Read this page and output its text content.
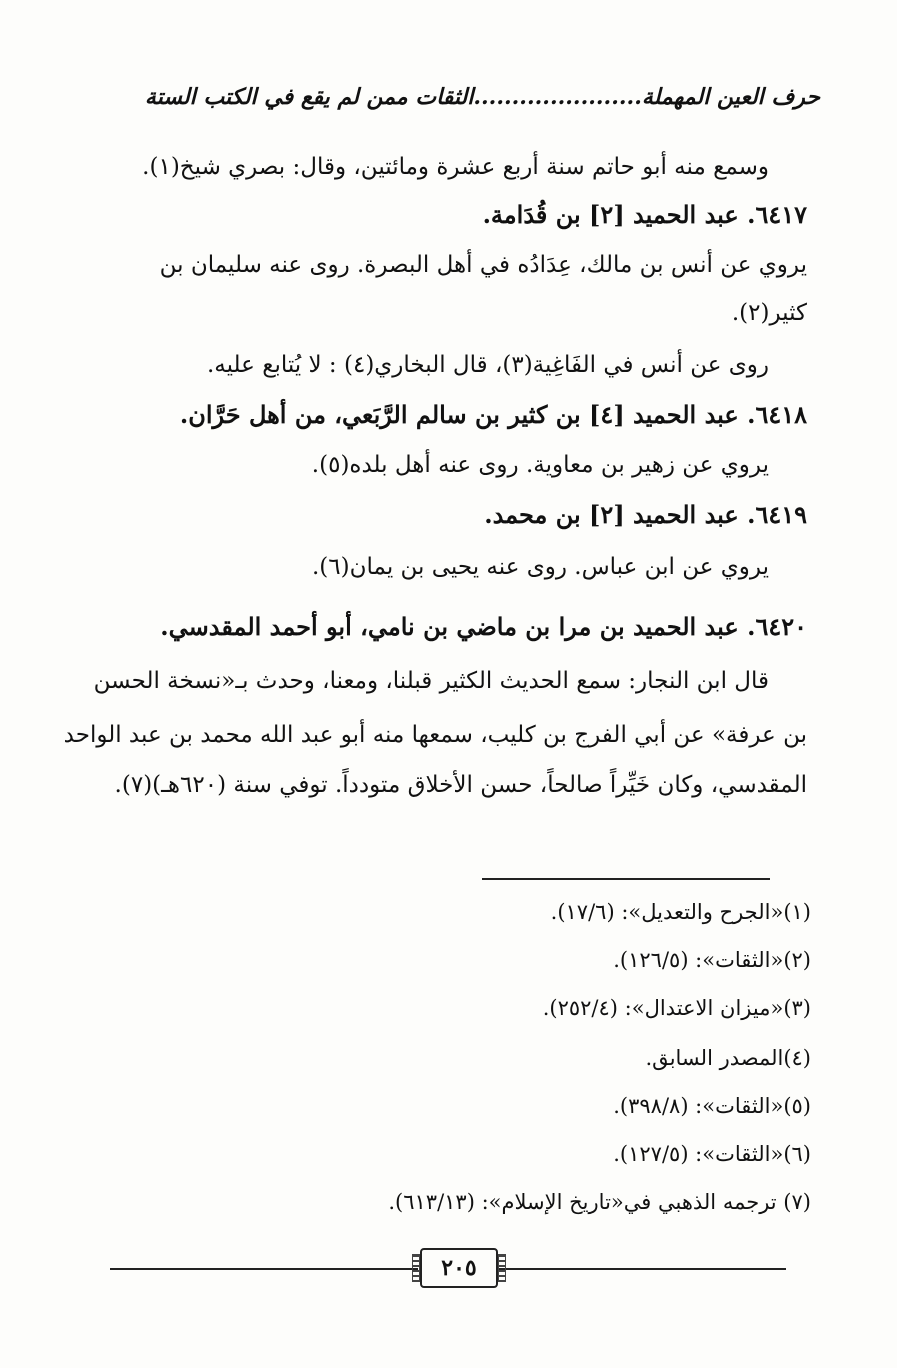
حرف العين المهملة......................الثقات ممن لم يقع في الكتب الستة
وسمع منه أبو حاتم سنة أربع عشرة ومائتين، وقال: بصري شيخ(١).
٦٤١٧. عبد الحميد [٢] بن قُدَامة.
يروي عن أنس بن مالك، عِدَادُه في أهل البصرة. روى عنه سليمان بن
كثير(٢).
روى عن أنس في الفَاغِية(٣)، قال البخاري(٤) : لا يُتابع عليه.
٦٤١٨. عبد الحميد [٤] بن كثير بن سالم الرَّبَعي، من أهل حَرَّان.
يروي عن زهير بن معاوية. روى عنه أهل بلده(٥).
٦٤١٩. عبد الحميد [٢] بن محمد.
يروي عن ابن عباس. روى عنه يحيى بن يمان(٦).
٦٤٢٠. عبد الحميد بن مرا بن ماضي بن نامي، أبو أحمد المقدسي.
قال ابن النجار: سمع الحديث الكثير قبلنا، ومعنا، وحدث بـ«نسخة الحسن
بن عرفة» عن أبي الفرج بن كليب، سمعها منه أبو عبد الله محمد بن عبد الواحد
المقدسي، وكان خَيِّراً صالحاً، حسن الأخلاق متودداً. توفي سنة (٦٢٠هـ)(٧).
(١)«الجرح والتعديل»: (١٧/٦).
(٢)«الثقات»: (١٢٦/٥).
(٣)«ميزان الاعتدال»: (٢٥٢/٤).
(٤)المصدر السابق.
(٥)«الثقات»: (٣٩٨/٨).
(٦)«الثقات»: (١٢٧/٥).
(٧) ترجمه الذهبي في«تاريخ الإسلام»: (٦١٣/١٣).
٢٠٥
